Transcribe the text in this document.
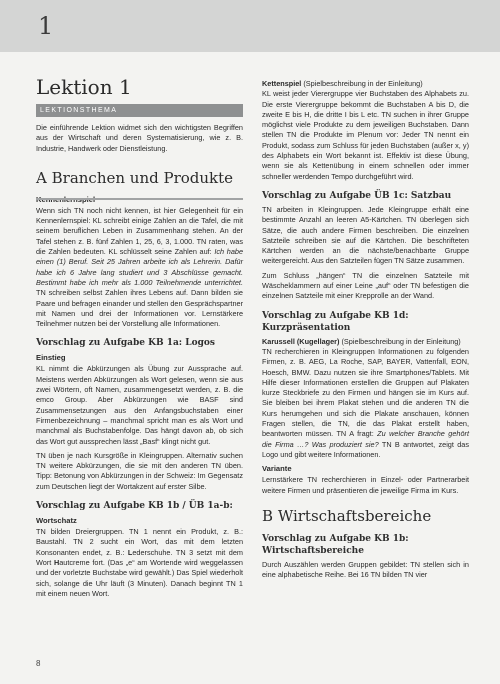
1
Lektion 1
LEKTIONSTHEMA

Die einführende Lektion widmet sich den wichtigsten Begriffen aus der Wirtschaft und deren Systematisierung, wie z. B. Industrie, Handwerk oder Dienstleistung.

A Branchen und Produkte

Wenn sich TN noch nicht kennen, ist hier Gelegenheit für ein Kennenlernspiel: KL schreibt einige Zahlen an die Tafel, die mit seinem beruflichen Leben in Zusammenhang stehen. An der Tafel stehen z. B. fünf Zahlen 1, 25, 6, 3, 1.000. TN raten, was die Zahlen bedeuten. KL schlüsselt seine Zahlen auf: Ich habe einen (1) Beruf. Seit 25 Jahren arbeite ich als Lehrerin. Dafür habe ich 6 Jahre lang studiert und 3 Abschlüsse gemacht. Bestimmt habe ich mehr als 1.000 Teilnehmende unterrichtet. TN schreiben selbst Zahlen ihres Lebens auf. Dann bilden sie Paare und befragen einander und stellen den Gesprächspartner mit Namen und drei der Informationen vor. Lernstärkere Teilnehmer nutzen bei der Vorstellung alle Informationen.

Vorschlag zu Aufgabe KB 1a: Logos
Einstieg

KL nimmt die Abkürzungen als Übung zur Aussprache auf. Meistens werden Abkürzungen als Wort gelesen, wenn sie aus zwei Wörtern, oft Namen, zusammengesetzt werden, z. B. die emco Group. Aber Abkürzungen wie BASF sind Zusammensetzungen aus den Anfangsbuchstaben einer Firmenbezeichnung – manchmal spricht man es als Wort und manchmal als Buchstabenfolge. Das hängt davon ab, ob sich das Wort gut aussprechen lässt „Basf“ klingt nicht gut.

TN üben je nach Kursgröße in Kleingruppen. Alternativ suchen TN weitere Abkürzungen, die sie mit den anderen TN üben. Tipp: Betonung von Abkürzungen in der Schweiz: Im Gegensatz zum Deutschen liegt der Wortakzent auf erster Silbe.

Vorschlag zu Aufgabe KB 1b / ÜB 1a-b:
Wortschatz

TN bilden Dreiergruppen. TN 1 nennt ein Produkt, z. B.: Baustahl. TN 2 sucht ein Wort, das mit dem letzten Konsonanten endet, z. B.: Lederschuhe. TN 3 setzt mit dem Wort Hautcreme fort. (Das „e“ am Wortende wird weggelassen und der vorletzte Buchstabe wird gewählt.) Das Spiel wiederholt sich, solange die Uhr läuft (3 Minuten). Danach beginnt TN 1 mit einem neuen Wort.

Kettenspiel (Spielbeschreibung in der Einleitung)

KL weist jeder Vierergruppe vier Buchstaben des Alphabets zu. Die erste Vierergruppe bekommt die Buchstaben A bis D, die zweite E bis H, die dritte I bis L etc. TN suchen in ihrer Gruppe möglichst viele Produkte zu dem jeweiligen Buchstaben. Dann stellen TN die Produkte im Plenum vor: Jeder TN nennt ein Produkt, sodass zum Schluss für jeden Buchstaben (außer x, y) des Alphabets ein Wort bekannt ist. Effektiv ist diese Übung, wenn sie als Kettenübung in einem schnellen oder immer schneller werdenden Tempo durchgeführt wird.

Vorschlag zu Aufgabe ÜB 1c: Satzbau

TN arbeiten in Kleingruppen. Jede Kleingruppe erhält eine bestimmte Anzahl an leeren A5-Kärtchen. TN überlegen sich Sätze, die auch andere Firmen beschreiben. Die einzelnen Satzteile schreiben sie auf die Kärtchen. Die beschrifteten Kärtchen werden an die nächste/benachbarte Gruppe weitergereicht. Aus den Satzteilen fügen TN Sätze zusammen.

Zum Schluss „hängen“ TN die einzelnen Satzteile mit Wäscheklammern auf einer Leine „auf“ oder TN befestigen die einzelnen Satzteile mit einer Krepprolle an der Wand.

Vorschlag zu Aufgabe KB 1d: Kurzpräsentation

Karussell (Kugellager) (Spielbeschreibung in der Einleitung)

TN recherchieren in Kleingruppen Informationen zu folgenden Firmen, z. B. AEG, La Roche, SAP, BAYER, Vattenfall, EON, Hoesch, BMW. Dazu nutzen sie ihre Smartphones/Tablets. Mit Hilfe dieser Informationen erstellen die Gruppen auf Plakaten kurze Steckbriefe zu den Firmen und hängen sie im Kurs auf. Sie bleiben bei ihrem Plakat stehen und die anderen TN die Kurs herumgehen und sich die Plakate anschauen, können Fragen stellen, die TN, die das Plakat erstellt haben, beantworten müssen. TN A fragt: Zu welcher Branche gehört die Firma …? Was produziert sie? TN B antwortet, zeigt das Logo und gibt weitere Informationen.

Variante

Lernstärkere TN recherchieren in Einzel- oder Partnerarbeit weitere Firmen und präsentieren die jeweilige Firma im Kurs.

B Wirtschaftsbereiche
Vorschlag zu Aufgabe KB 1b: Wirtschaftsbereiche

Durch Auszählen werden Gruppen gebildet: TN stellen sich in eine alphabetische Reihe. Bei 16 TN bilden TN vier

8
